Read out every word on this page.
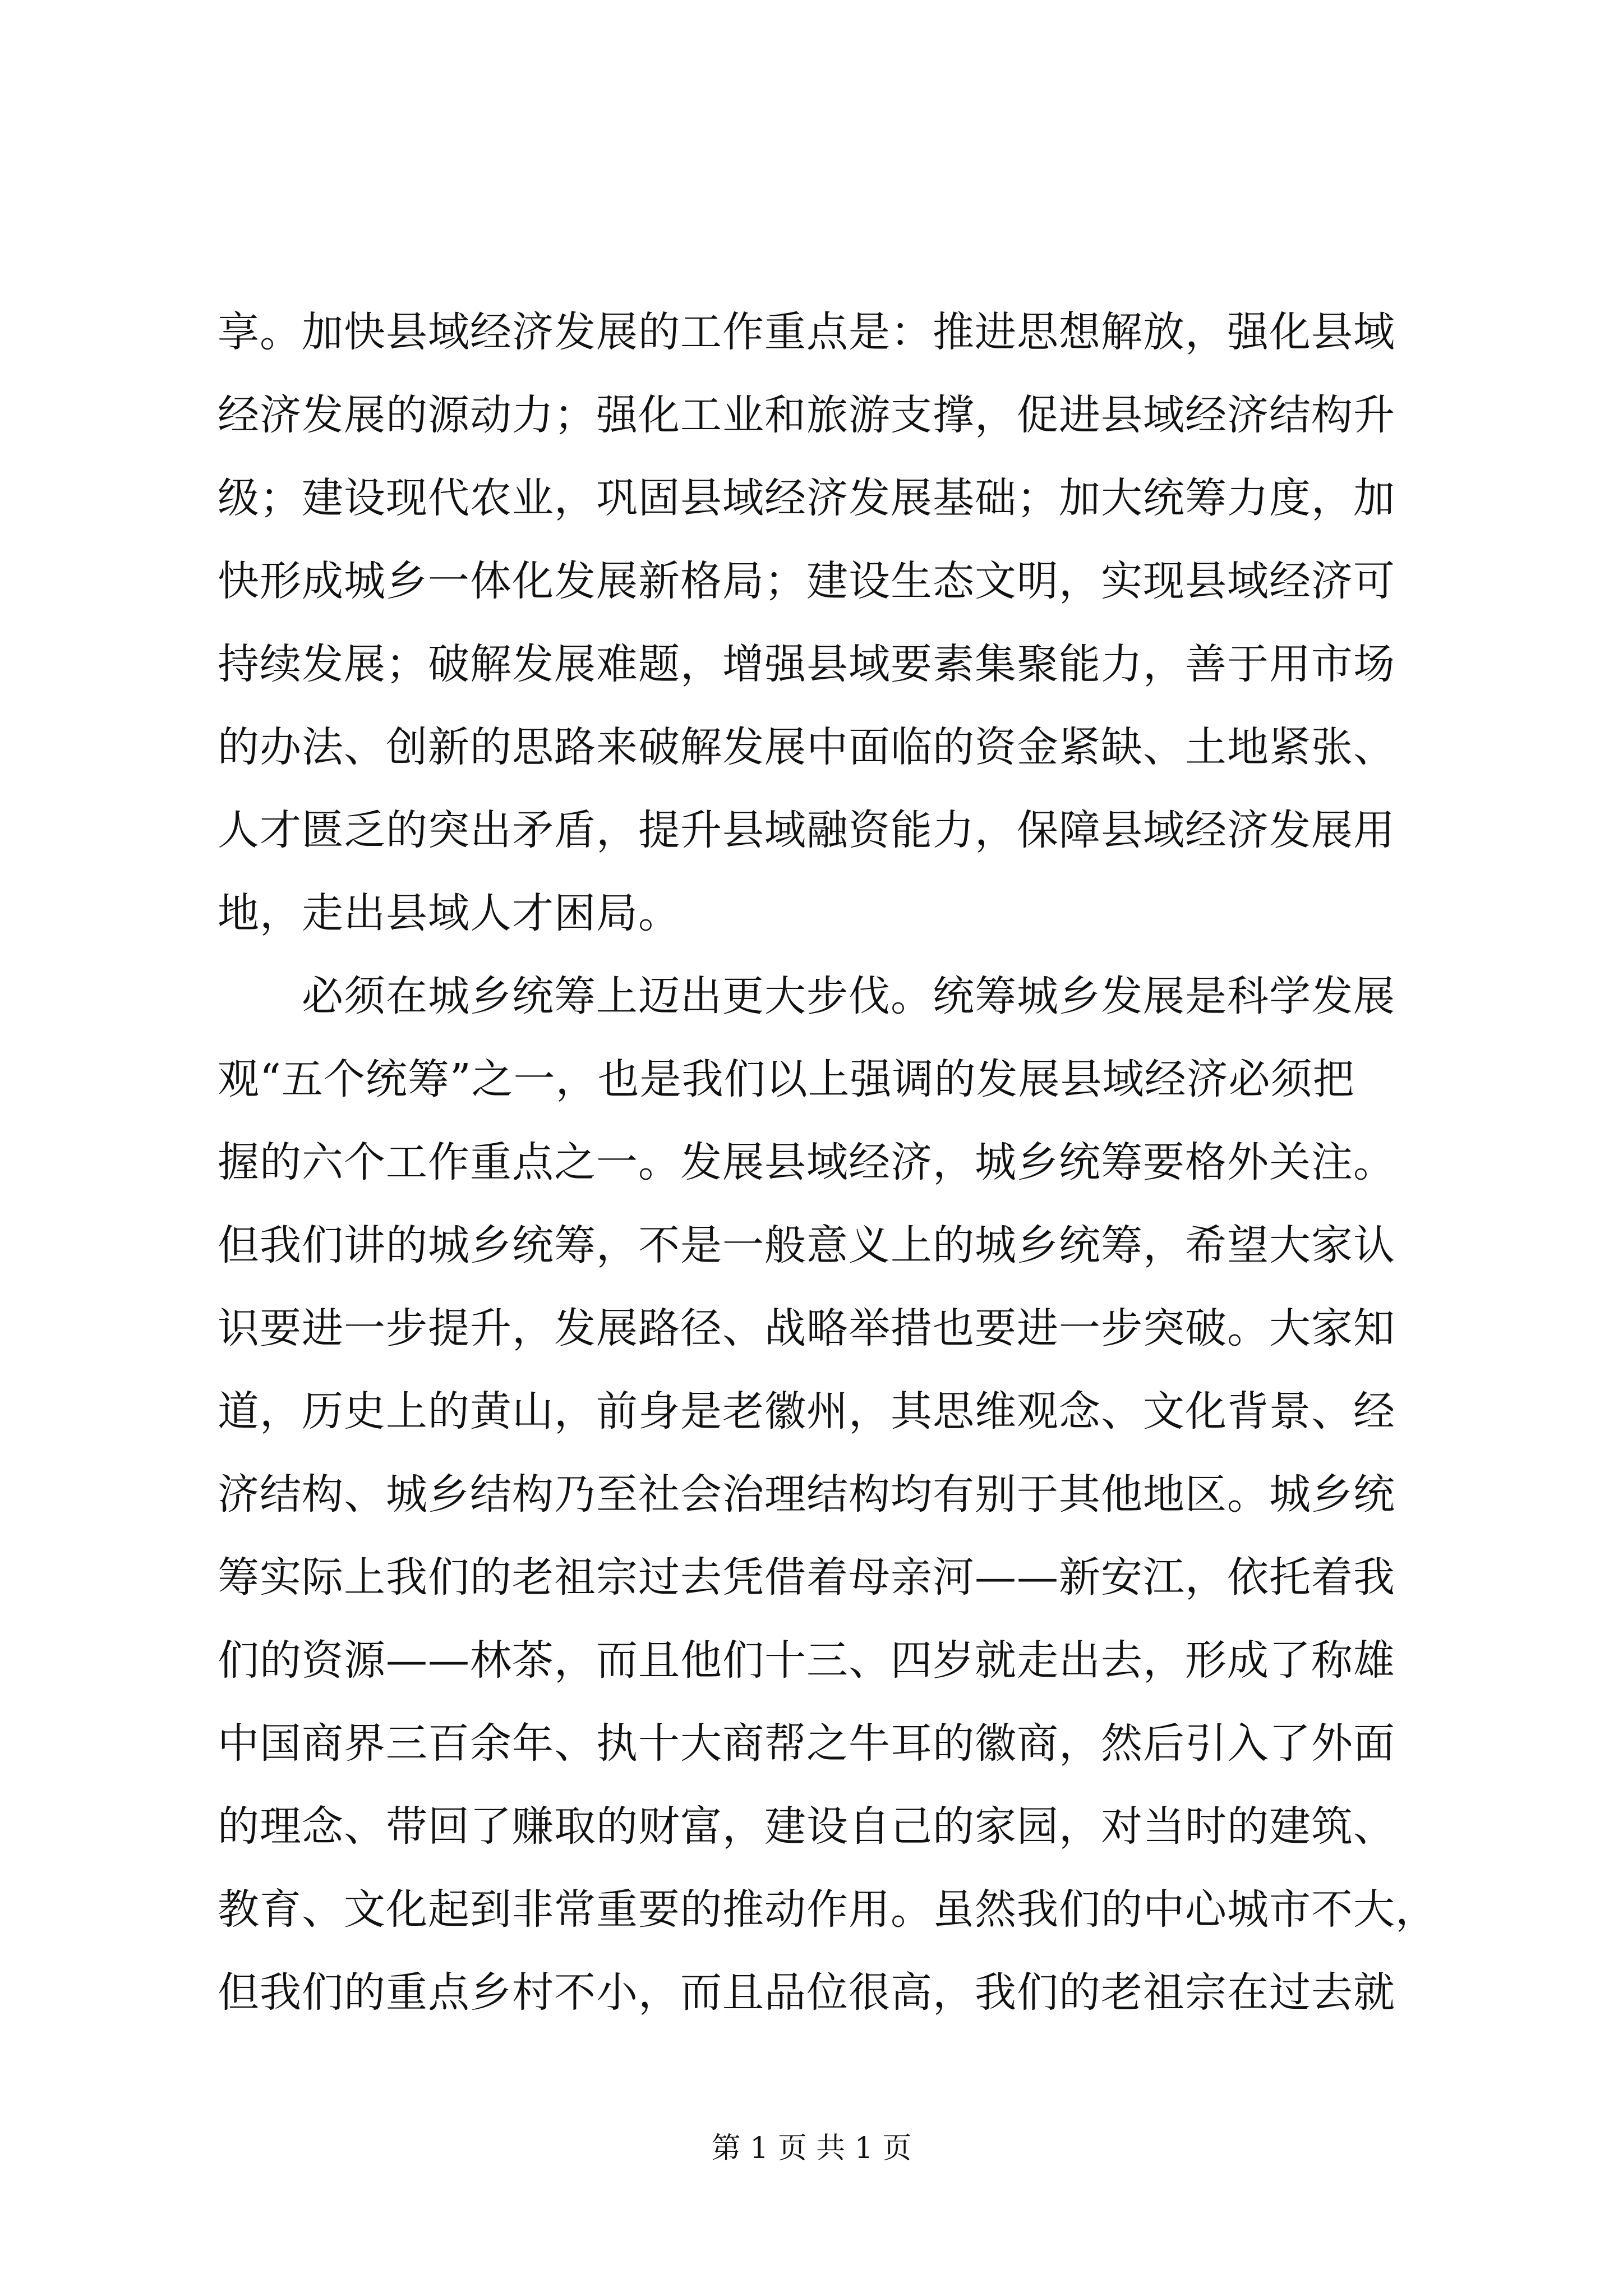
享。加快县域经济发展的工作重点是：推进思想解放，强化县域
经济发展的源动力；强化工业和旅游支撑，促进县域经济结构升
级；建设现代农业，巩固县域经济发展基础；加大统筹力度，加
快形成城乡一体化发展新格局；建设生态文明，实现县域经济可
持续发展；破解发展难题，增强县域要素集聚能力，善于用市场
的办法、创新的思路来破解发展中面临的资金紧缺、土地紧张、
人才匮乏的突出矛盾，提升县域融资能力，保障县域经济发展用
地，走出县域人才困局。
必须在城乡统筹上迈出更大步伐。统筹城乡发展是科学发展
观“五个统筹”之一，也是我们以上强调的发展县域经济必须把
握的六个工作重点之一。发展县域经济，城乡统筹要格外关注。
但我们讲的城乡统筹，不是一般意义上的城乡统筹，希望大家认
识要进一步提升，发展路径、战略举措也要进一步突破。大家知
道，历史上的黄山，前身是老徽州，其思维观念、文化背景、经
济结构、城乡结构乃至社会治理结构均有别于其他地区。城乡统
筹实际上我们的老祖宗过去凭借着母亲河——新安江，依托着我
们的资源——林茶，而且他们十三、四岁就走出去，形成了称雄
中国商界三百余年、执十大商帮之牛耳的徽商，然后引入了外面
的理念、带回了赚取的财富，建设自己的家园，对当时的建筑、
教育、文化起到非常重要的推动作用。虽然我们的中心城市不大，
但我们的重点乡村不小，而且品位很高，我们的老祖宗在过去就
第 1 页 共 1 页
